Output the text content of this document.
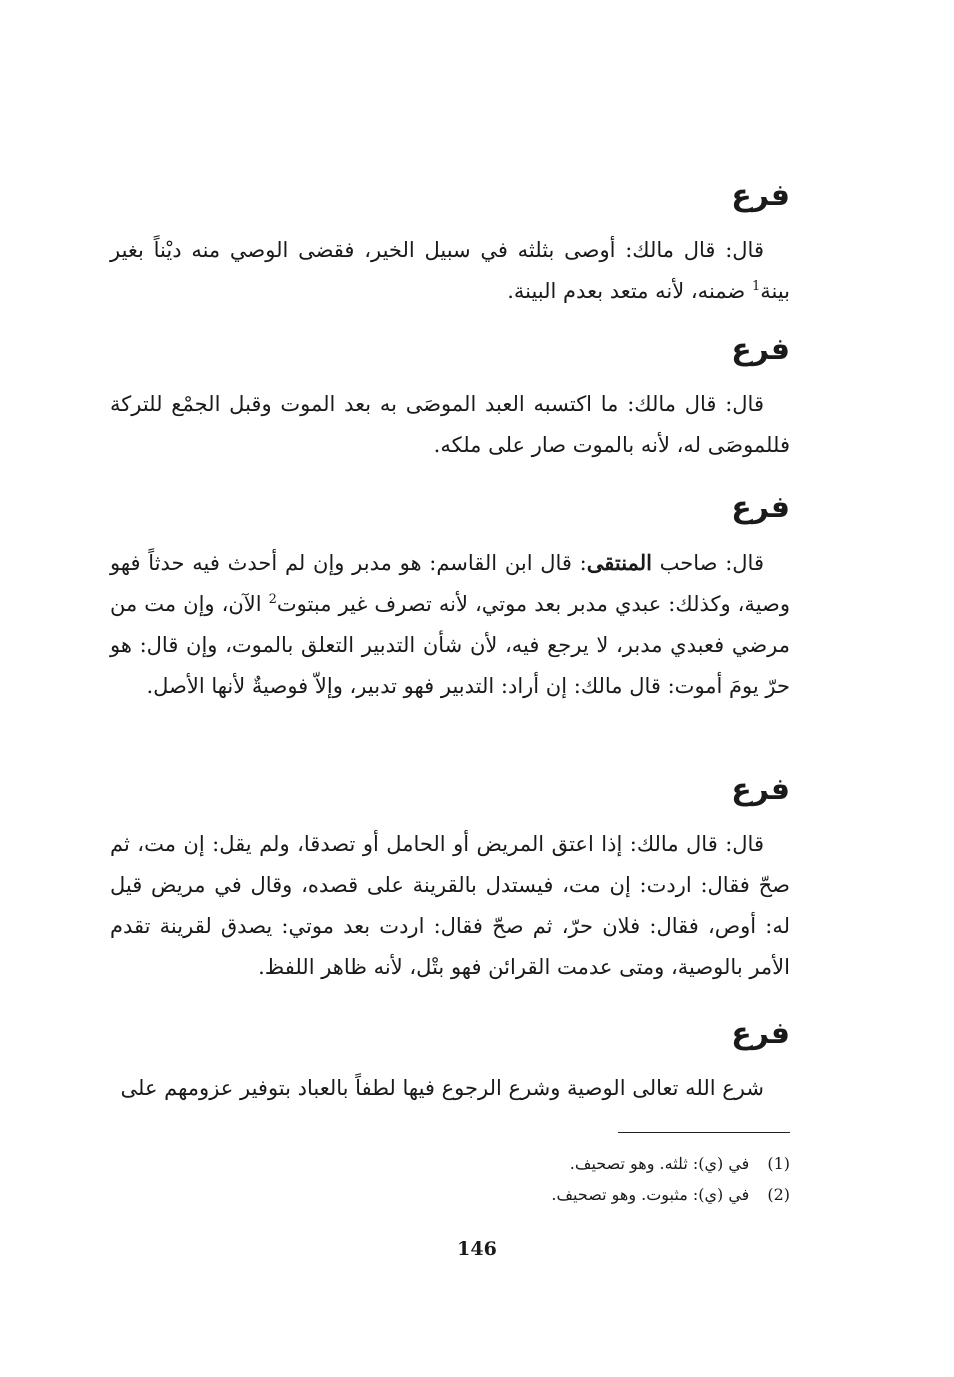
فرع

قال: قال مالك: أوصى بثلثه في سبيل الخير، فقضى الوصي منه ديْناً بغير بينة$^1$ ضمنه، لأنه متعد بعدم البينة.

فرع

قال: قال مالك: ما اكتسبه العبد الموصَى به بعد الموت وقبل الجمْع للتركة فللموصَى له، لأنه بالموت صار على ملكه.

فرع

قال: صاحب المنتقى: قال ابن القاسم: هو مدبر وإن لم أحدث فيه حدثاً فهو وصية، وكذلك: عبدي مدبر بعد موتي، لأنه تصرف غير مبتوت$^2$ الآن، وإن مت من مرضي فعبدي مدبر، لا يرجع فيه، لأن شأن التدبير التعلق بالموت، وإن قال: هو حرّ يومَ أموت: قال مالك: إن أراد: التدبير فهو تدبير، وإلاّ فوصيةٌ لأنها الأصل.

فرع

قال: قال مالك: إذا اعتق المريض أو الحامل أو تصدقا، ولم يقل: إن مت، ثم صحّ فقال: اردت: إن مت، فيستدل بالقرينة على قصده، وقال في مريض قيل له: أوص، فقال: فلان حرّ، ثم صحّ فقال: اردت بعد موتي: يصدق لقرينة تقدم الأمر بالوصية، ومتى عدمت القرائن فهو بتْل، لأنه ظاهر اللفظ.

فرع

شرع الله تعالى الوصية وشرع الرجوع فيها لطفاً بالعباد بتوفير عزومهم على

(1)
في (ي): ثلثه. وهو تصحيف.
(2)
في (ي): مثبوت. وهو تصحيف.
146
